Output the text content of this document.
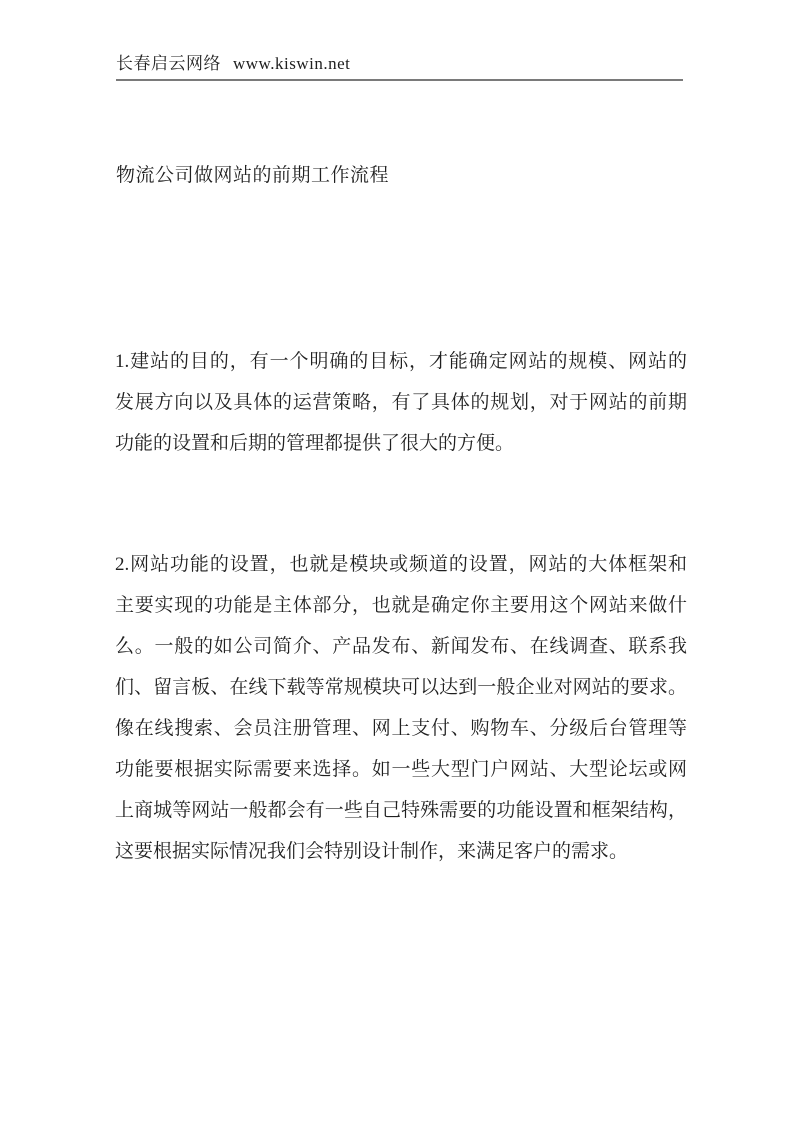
长春启云网络 www.kiswin.net
物流公司做网站的前期工作流程
1.建站的目的，有一个明确的目标，才能确定网站的规模、网站的
发展方向以及具体的运营策略，有了具体的规划，对于网站的前期
功能的设置和后期的管理都提供了很大的方便。
2.网站功能的设置，也就是模块或频道的设置，网站的大体框架和
主要实现的功能是主体部分，也就是确定你主要用这个网站来做什
么。一般的如公司简介、产品发布、新闻发布、在线调查、联系我
们、留言板、在线下载等常规模块可以达到一般企业对网站的要求。
像在线搜索、会员注册管理、网上支付、购物车、分级后台管理等
功能要根据实际需要来选择。如一些大型门户网站、大型论坛或网
上商城等网站一般都会有一些自己特殊需要的功能设置和框架结构，
这要根据实际情况我们会特别设计制作，来满足客户的需求。
